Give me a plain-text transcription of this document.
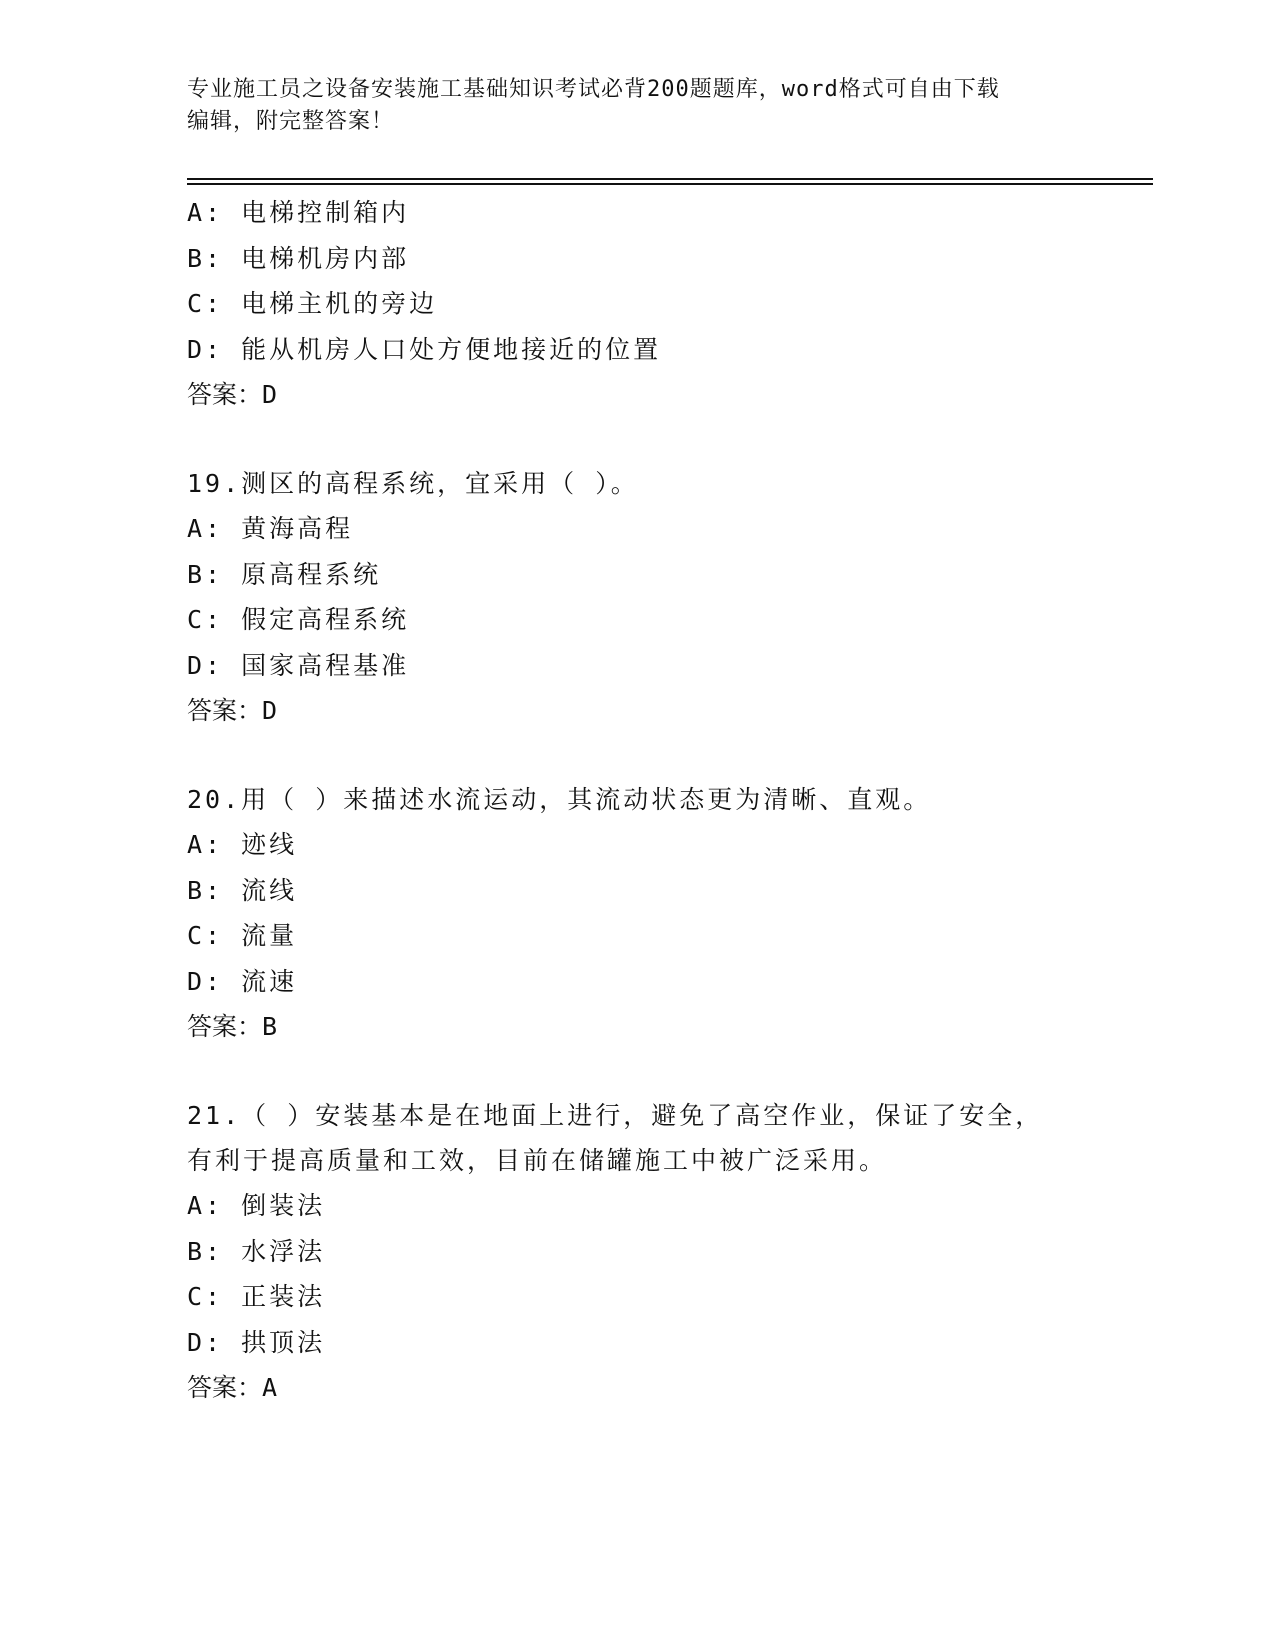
专业施工员之设备安装施工基础知识考试必背200题题库，word格式可自由下载
编辑，附完整答案！
A: 电梯控制箱内
B: 电梯机房内部
C: 电梯主机的旁边
D: 能从机房人口处方便地接近的位置
答案：D
19.测区的高程系统，宜采用（ ）。
A: 黄海高程
B: 原高程系统
C: 假定高程系统
D: 国家高程基准
答案：D
20.用（ ）来描述水流运动，其流动状态更为清晰、直观。
A: 迹线
B: 流线
C: 流量
D: 流速
答案：B
21.（ ）安装基本是在地面上进行，避免了高空作业，保证了安全，
有利于提高质量和工效，目前在储罐施工中被广泛采用。
A: 倒装法
B: 水浮法
C: 正装法
D: 拱顶法
答案：A
